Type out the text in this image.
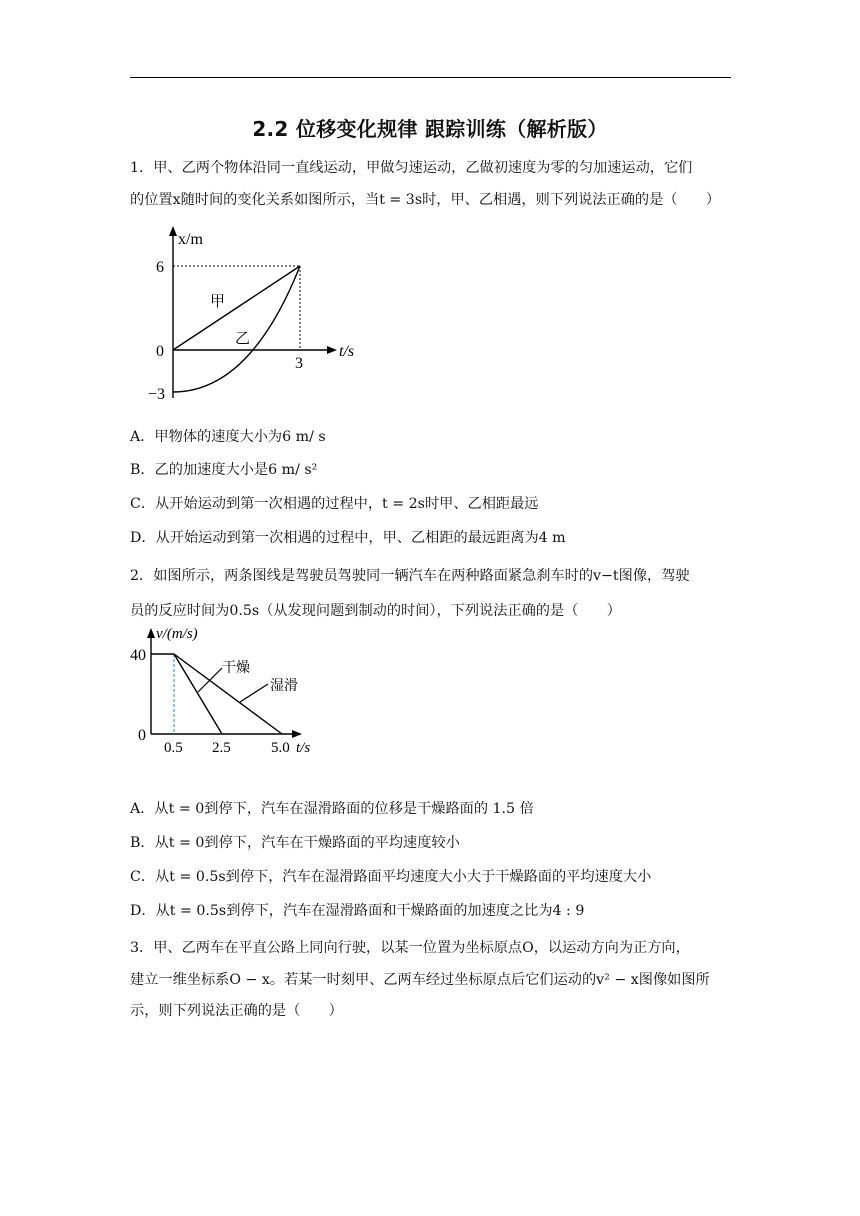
2.2 位移变化规律 跟踪训练（解析版）
1．甲、乙两个物体沿同一直线运动，甲做匀速运动，乙做初速度为零的匀加速运动，它们
的位置x随时间的变化关系如图所示，当t = 3s时，甲、乙相遇，则下列说法正确的是（　　）
x/m
t/s
6
0
−3
3
甲
乙
A．甲物体的速度大小为6 m/ s
B．乙的加速度大小是6 m/ s²
C．从开始运动到第一次相遇的过程中，t = 2s时甲、乙相距最远
D．从开始运动到第一次相遇的过程中，甲、乙相距的最远距离为4 m
2．如图所示，两条图线是驾驶员驾驶同一辆汽车在两种路面紧急刹车时的v−t图像，驾驶
员的反应时间为0.5s（从发现问题到制动的时间），下列说法正确的是（　　）
v/(m/s)
40
0
0.5 2.5	5.0 t/s
干燥
湿滑
A．从t = 0到停下，汽车在湿滑路面的位移是干燥路面的 1.5 倍
B．从t = 0到停下，汽车在干燥路面的平均速度较小
C．从t = 0.5s到停下，汽车在湿滑路面平均速度大小大于干燥路面的平均速度大小
D．从t = 0.5s到停下，汽车在湿滑路面和干燥路面的加速度之比为4 : 9
3．甲、乙两车在平直公路上同向行驶，以某一位置为坐标原点O，以运动方向为正方向，
建立一维坐标系O − x。若某一时刻甲、乙两车经过坐标原点后它们运动的v² − x图像如图所
示，则下列说法正确的是（　　）
